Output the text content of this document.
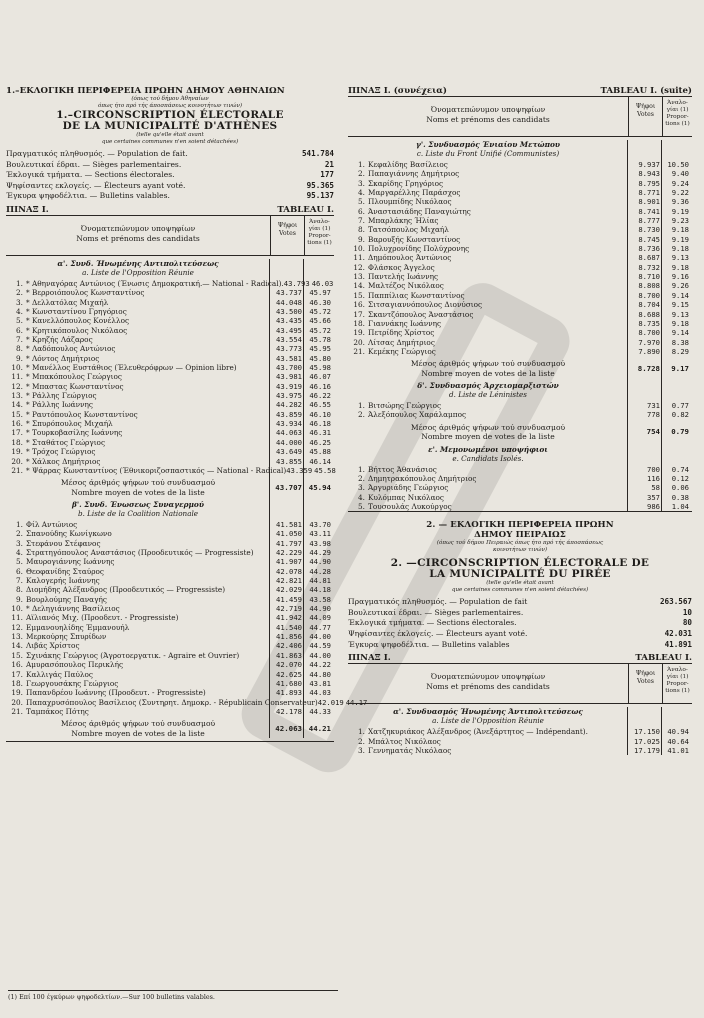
1.–ΕΚΛΟΓΙΚΗ ΠΕΡΙΦΕΡΕΙΑ ΠΡΩΗΝ ΔΗΜΟΥ ΑΘΗΝΑΙΩΝ
(όπως τού δήμου Άθηναίων
όπως ήτο πρό τής άποσπάσεως κοινοτήτων τινών)
1.–CIRCONSCRIPTION ÉLECTORALE
DE LA MUNICIPALITÉ D'ATHÈNES
(telle qu'elle était avant
que certaines communes n'en soient détachées)
Πραγματικός πληθυσμός. — Population de fait.	541.784
Βουλευτικαί έδραι. — Sièges parlementaires.	21
Έκλογικά τμήματα. — Sections électorales.	177
Ψηφίσαντες εκλογείς. — Électeurs ayant voté.	95.365
Έγκυρα ψηφοδέλτια. — Bulletins valables.	95.137
ΠΙΝΑΞ Ι.	TABLEAU I.
Όνοματεπώνυμον υποψηφίων
Noms et prénoms des candidats
Ψήφοι
Votes
Άναλο-γίαι (1)
Propor-tions (1)
α'. Συνδ. Ήνωμένης Αντιπολιτεύσεως
a. Liste de l'Opposition Réunie
1. * Αθηναγόρας Αντώνιος (Ένωσις Δημοκρατική.— National - Radical). 43.793 46.03
2. * Βερροιόπουλος Κωνσταντίνος	43.737	45.97
3. * Δελλατόλας Μιχαήλ	44.048	46.30
4. * Κωνσταντίνου Γρηγόριος	43.500	45.72
5. * Κανελλόπουλος Κονέλλος	43.435	45.66
6. * Κρητικόπουλος Νικόλαος	43.495	45.72
7. * Κρηζής Λάζαρος	43.554	45.78
8. * Λαδόπουλος Αντώνιος	43.773	45.95
9. * Λόντος Δημήτριος	43.581	45.80
10. * Μανέλλος Ευστάθιος (Έλευθερόφρων — Opinion libre)	43.700	45.98
11. * Μπακόπουλος Γεώργιος	43.981	46.07
12. * Μπαστας Κωνσταντίνος	43.919	46.16
13. * Ράλλης Γεώργιος	43.975	46.22
14. * Ράλλης Ιωάννης	44.282	46.55
15. * Ραυτόπουλος Κωνσταντίνος	43.859	46.10
16. * Σπυρόπουλος Μιχαήλ	43.934	46.18
17. * Τουρκοβασίλης Ιωάννης	44.063	46.31
18. * Σταθάτος Γεώργιος	44.000	46.25
19. * Τρόχος Γεώργιος	43.649	45.88
20. * Χάλκος Δημήτριος	43.855	46.14
21. * Ψάρρας Κωνσταντίνος (Έθνικοριζοσπαστικός — National - Radical) 43.359 45.58
Μέσος άριθμός ψήφων τού συνδυασμού
Nombre moyen de votes de la liste
43.707 45.94
β'. Συνδ. Ένωσεως Συναγερμού
b. Liste de la Coalition Nationale
1. Φίλ Αντώνιος	41.581	43.70
2. Σπανούδης Κωνίγκωνο	41.050	43.11
3. Στεφάνου Στέφανος	41.797	43.98
4. Στρατηγόπουλος Αναστάσιος (Προοδευτικός — Progressiste)	42.229	44.29
5. Μαυρογιάννης Ιωάννης	41.907	44.90
6. Θεοφανίδης Σταύρος	42.078	44.28
7. Καλογερής Ιωάννης	42.821	44.81
8. Διομήδης Αλέξανδρος (Προοδευτικός — Progressiste)	42.029	44.18
9. Βουρλούμης Παναγής	41.459	43.58
10. * Δεληγιάννης Βασίλειος	42.719	44.90
11. Αϊλιανός Μιχ. (Προοδευτ. - Progressiste)	41.942	44.09
12. Εμμανουηλίδης Έμμανουήλ	41.540	44.77
13. Μερκούρης Σπυρίδων	41.856	44.00
14. Λιβάς Χρίστος	42.406	44.59
15. Σχινάκης Γεώργιος (Άγροτοεργατικ. - Agraire et Ouvrier)	41.863	44.00
16. Αμυρασόπουλος Περικλής	42.070	44.22
17. Καλλιγάς Παύλος	42.625	44.80
18. Γεωργουσάκης Γεώργιος	41.680	43.81
19. Παπανδρέου Ιωάννης (Προοδευτ. - Progressiste)	41.893	44.03
20. Παπαχρυσόπουλος Βασίλειος (Συντηρητ. Δημοκρ. - Républicain Conservateur) 42.019 44.17
21. Ταμπάκος Πότης	42.178	44.33
Μέσος άριθμός ψήφων τού συνδυασμού
Nombre moyen de votes de la liste
42.063 44.21
ΠΙΝΑΞ Ι. (συνέχεια)	TABLEAU I. (suite)
Όνοματεπώνυμον υποψηφίων
Noms et prénoms des candidats
Ψήφοι
Votes
Άναλο-γίαι (1)
Propor-tions (1)
γ'. Συνδυασμός Ένιαίου Μετώπου
c. Liste du Front Unifié (Communistes)
1. Κεφαλίδης Βασίλειος	9.937	10.50
2. Παπαγιάννης Δημήτριος	8.943	9.40
3. Σκαρίδης Γρηγόριος	8.795	9.24
4. Μαργαρέλλης Παράσχος	8.771	9.22
5. Πλουμπίδης Νικόλαος	8.901	9.36
6. Άναστασιάδης Παναγιώτης	8.741	9.19
7. Μπαρλάκης Ήλίας	8.777	9.23
8. Τατσόπουλος Μιχαήλ	8.730	9.18
9. Βαρουξής Κωνσταντίνος	8.745	9.19
10. Πολυχρονίδης Πολύχρονης	8.736	9.18
11. Δημόπουλος Άντώνιος	8.687	9.13
12. Φλάσκος Άγγελος	8.732	9.18
13. Παντελής Ιωάννης	8.710	9.16
14. Μαλτέζος Νικόλαος	8.808	9.26
15. Παππίλιας Κωνσταντίνος	8.700	9.14
16. Σιτσαγιαννόπουλος Διονύσιος	8.704	9.15
17. Σκαντζόπουλος Άναστάσιος	8.688	9.13
18. Γιαννάκης Ιωάννης	8.735	9.18
19. Πετρίδης Χρίστος	8.700	9.14
20. Λίτσας Δημήτριος	7.970	8.38
21. Κεμέκης Γεώργιος	7.890	8.29
Μέσος άριθμός ψήφων τού συνδυασμού
Nombre moyen de votes de la liste
8.728	9.17
δ'. Συνδυασμός Άρχειομαρξιστών
d. Liste de Léninistes
1. Βιτσώρης Γεώργιος	731	0.77
2. Άλεξόπουλος Χαράλαμπος	778	0.82
Μέσος άριθμός ψήφων τού συνδυασμού
Nombre moyen de votes de la liste
754	0.79
ε'. Μεμονωμένοι υποψήφιοι
e. Candidats Isolés.
1. Βήττος Άθανάσιος	700	0.74
2. Δημητρακόπουλος Δημήτριος	116	0.12
3. Άργυριάδης Γεώργιος	58	0.06
4. Κυλόμπας Νικόλαος	357	0.38
5. Τουσουλάς Λυκούργος	986	1.04
2. — ΕΚΛΟΓΙΚΗ ΠΕΡΙΦΕΡΕΙΑ ΠΡΩΗΝ
ΔΗΜΟΥ ΠΕΙΡΑΙΩΣ
(όπως τού δήμου Πειραιώς όπως ήτο πρό τής άποσπάσεως
κοινοτήτων τινών)
2. —CIRCONSCRIPTION ÉLECTORALE DE
LA MUNICIPALITÉ DU PIRÉE
(telle qu'elle était avant
que certaines communes n'en soient détachées)
Πραγματικός πληθυσμός. — Population de fait	263.567
Βουλευτικαί έδραι. — Sièges parlementaires.	10
Έκλογικά τμήματα. — Sections électorales.	80
Ψηφίσαντες έκλογείς. — Électeurs ayant voté.	42.031
Έγκυρα ψηφοδέλτια. — Bulletins valables	41.891
ΠΙΝΑΞ Ι.	TABLEAU I.
Όνοματεπώνυμον υποψηφίων
Noms et prénoms des candidats
Ψήφοι
Votes
Άναλο-γίαι (1)
Propor-tions (1)
α'. Συνδυασμός Ήνωμένης Άντιπολιτεύσεως
a. Liste de l'Opposition Réunie
1. Χατζηκυριάκος Αλέξανδρος (Άνεξάρτητος — Indépendant).	17.150	40.94
2. Μπάλτος Νικόλαος	17.025	40.64
3. Γεννηματάς Νικόλαος	17.179	41.01
(1) Επί 100 έγκύρων ψηφοδελτίων.—Sur 100 bulletins valables.
